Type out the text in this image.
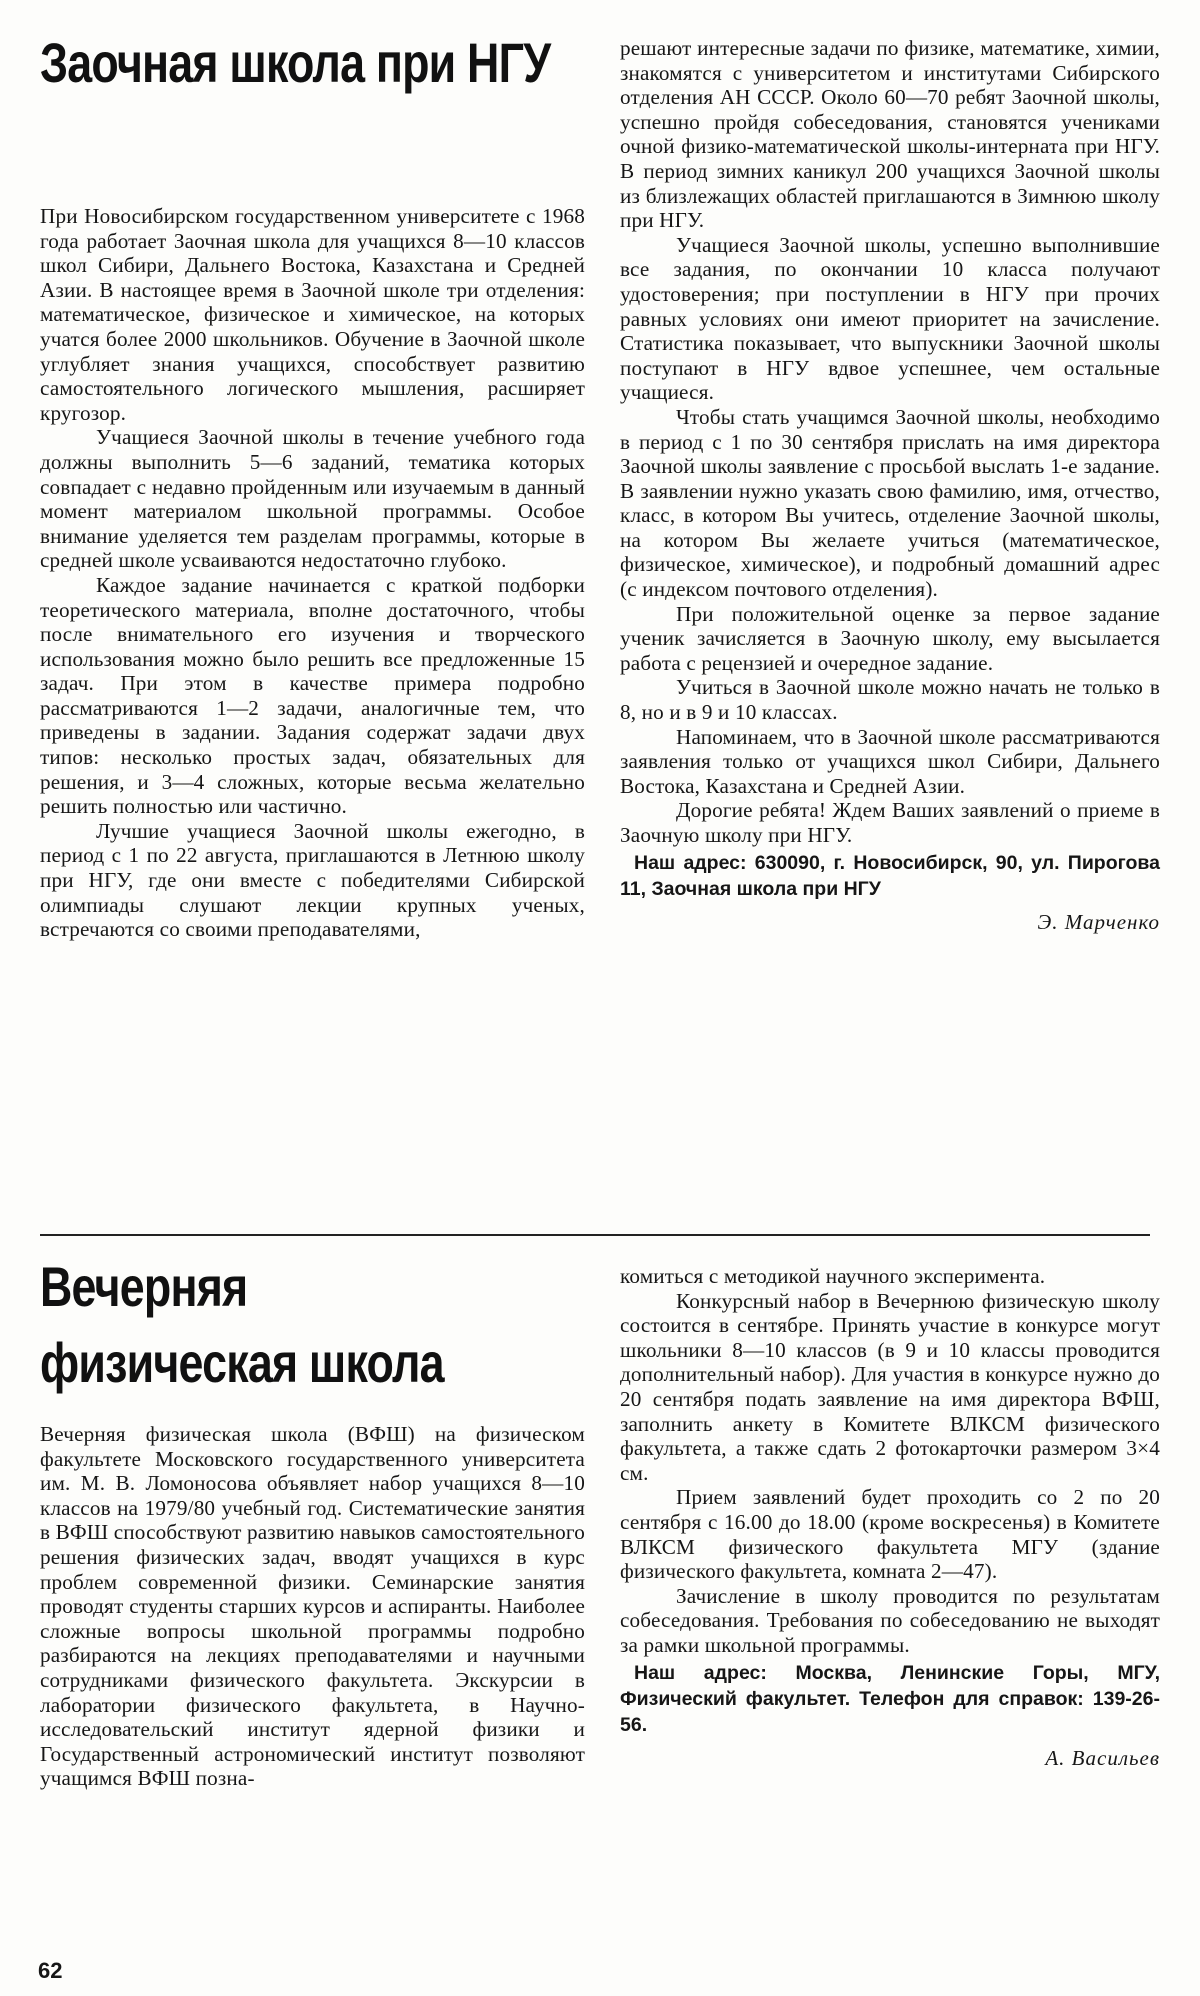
Заочная школа при НГУ

При Новосибирском государственном университете с 1968 года работает Заочная школа для учащихся 8—10 классов школ Сибири, Дальнего Востока, Казахстана и Средней Азии. В настоящее время в Заочной школе три отделения: математическое, физическое и химическое, на которых учатся более 2000 школьников. Обучение в Заочной школе углубляет знания учащихся, способствует развитию самостоятельного логического мышления, расширяет кругозор.

Учащиеся Заочной школы в течение учебного года должны выполнить 5—6 заданий, тематика которых совпадает с недавно пройденным или изучаемым в данный момент материалом школьной программы. Особое внимание уделяется тем разделам программы, которые в средней школе усваиваются недостаточно глубоко.

Каждое задание начинается с краткой подборки теоретического материала, вполне достаточного, чтобы после внимательного его изучения и творческого использования можно было решить все предложенные 15 задач. При этом в качестве примера подробно рассматриваются 1—2 задачи, аналогичные тем, что приведены в задании. Задания содержат задачи двух типов: несколько простых задач, обязательных для решения, и 3—4 сложных, которые весьма желательно решить полностью или частично.

Лучшие учащиеся Заочной школы ежегодно, в период с 1 по 22 августа, приглашаются в Летнюю школу при НГУ, где они вместе с победителями Сибирской олимпиады слушают лекции крупных ученых, встречаются со своими преподавателями,

решают интересные задачи по физике, математике, химии, знакомятся с университетом и институтами Сибирского отделения АН СССР. Около 60—70 ребят Заочной школы, успешно пройдя собеседования, становятся учениками очной физико-математической школы-интерната при НГУ. В период зимних каникул 200 учащихся Заочной школы из близлежащих областей приглашаются в Зимнюю школу при НГУ.

Учащиеся Заочной школы, успешно выполнившие все задания, по окончании 10 класса получают удостоверения; при поступлении в НГУ при прочих равных условиях они имеют приоритет на зачисление. Статистика показывает, что выпускники Заочной школы поступают в НГУ вдвое успешнее, чем остальные учащиеся.

Чтобы стать учащимся Заочной школы, необходимо в период с 1 по 30 сентября прислать на имя директора Заочной школы заявление с просьбой выслать 1-е задание. В заявлении нужно указать свою фамилию, имя, отчество, класс, в котором Вы учитесь, отделение Заочной школы, на котором Вы желаете учиться (математическое, физическое, химическое), и подробный домашний адрес (с индексом почтового отделения).

При положительной оценке за первое задание ученик зачисляется в Заочную школу, ему высылается работа с рецензией и очередное задание.

Учиться в Заочной школе можно начать не только в 8, но и в 9 и 10 классах.

Напоминаем, что в Заочной школе рассматриваются заявления только от учащихся школ Сибири, Дальнего Востока, Казахстана и Средней Азии.

Дорогие ребята! Ждем Ваших заявлений о приеме в Заочную школу при НГУ.

Наш адрес: 630090, г. Новосибирск, 90, ул. Пирогова 11, Заочная школа при НГУ

Э. Марченко
Вечерняя
физическая школа

Вечерняя физическая школа (ВФШ) на физическом факультете Московского государственного университета им. М. В. Ломоносова объявляет набор учащихся 8—10 классов на 1979/80 учебный год. Систематические занятия в ВФШ способствуют развитию навыков самостоятельного решения физических задач, вводят учащихся в курс проблем современной физики. Семинарские занятия проводят студенты старших курсов и аспиранты. Наиболее сложные вопросы школьной программы подробно разбираются на лекциях преподавателями и научными сотрудниками физического факультета. Экскурсии в лаборатории физического факультета, в Научно-исследовательский институт ядерной физики и Государственный астрономический институт позволяют учащимся ВФШ позна-

комиться с методикой научного эксперимента.

Конкурсный набор в Вечернюю физическую школу состоится в сентябре. Принять участие в конкурсе могут школьники 8—10 классов (в 9 и 10 классы проводится дополнительный набор). Для участия в конкурсе нужно до 20 сентября подать заявление на имя директора ВФШ, заполнить анкету в Комитете ВЛКСМ физического факультета, а также сдать 2 фотокарточки размером 3×4 см.

Прием заявлений будет проходить со 2 по 20 сентября с 16.00 до 18.00 (кроме воскресенья) в Комитете ВЛКСМ физического факультета МГУ (здание физического факультета, комната 2—47).

Зачисление в школу проводится по результатам собеседования. Требования по собеседованию не выходят за рамки школьной программы.

Наш адрес: Москва, Ленинские Горы, МГУ, Физический факультет. Телефон для справок: 139-26-56.

А. Васильев
62
